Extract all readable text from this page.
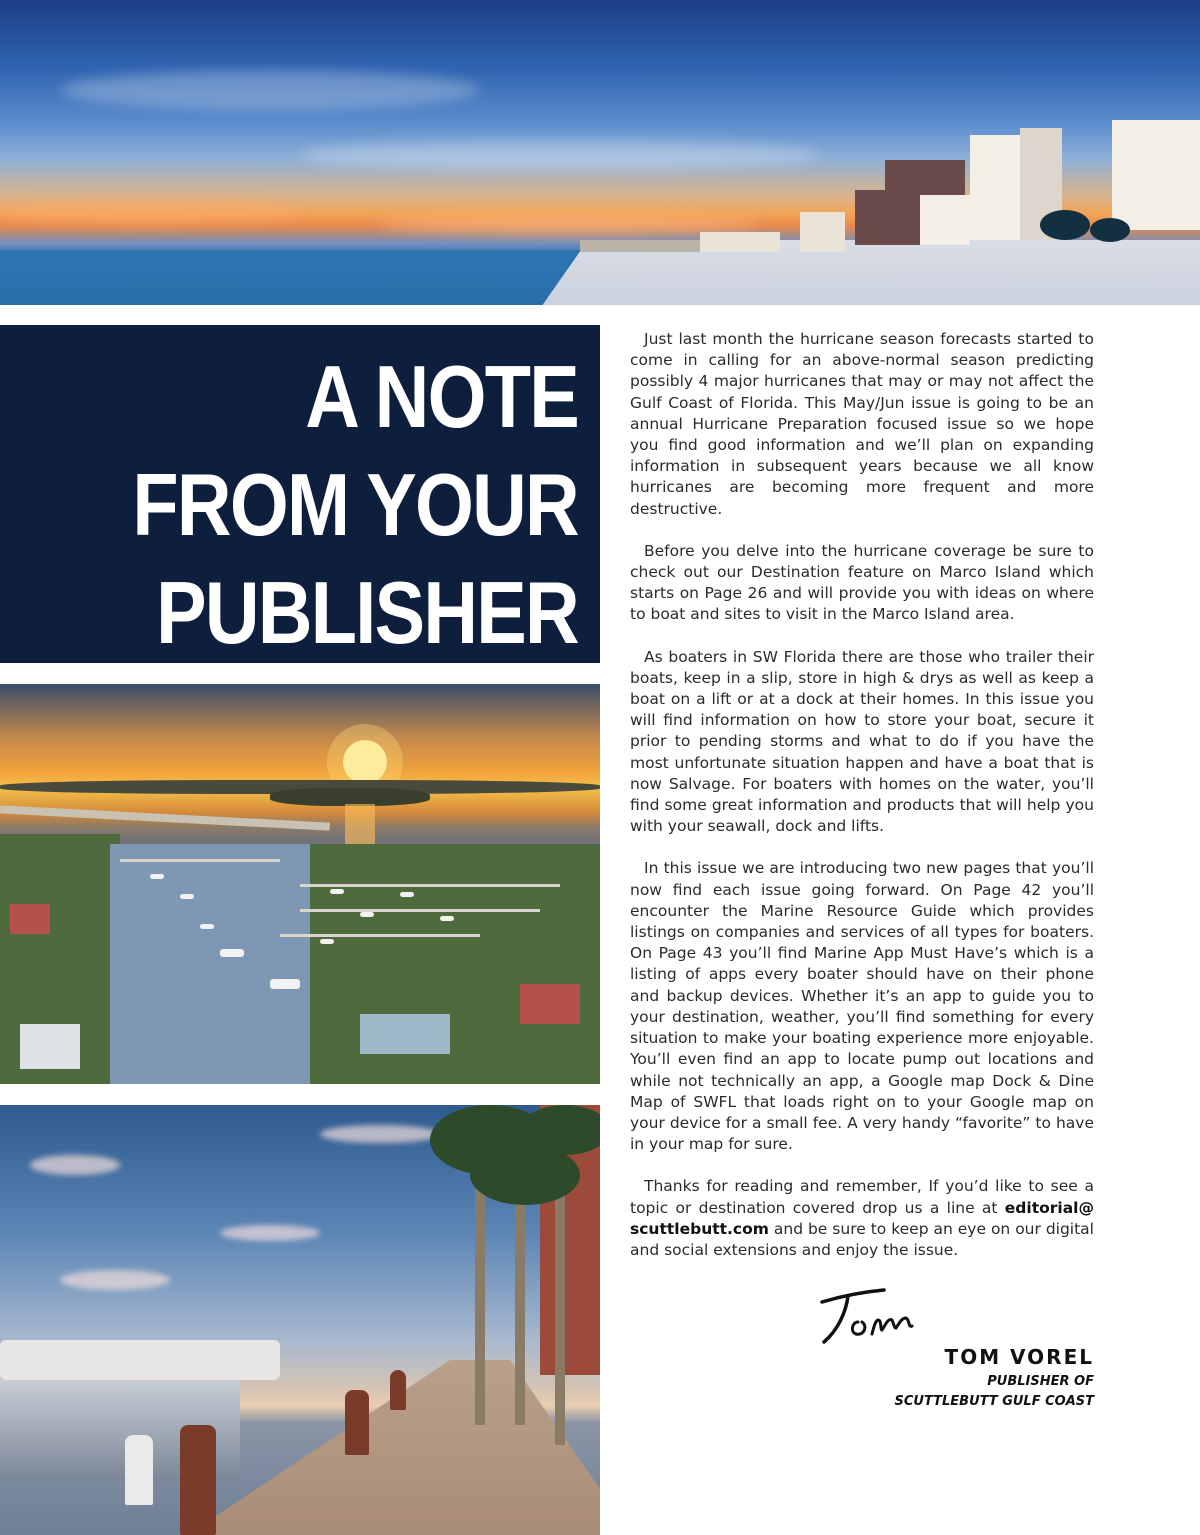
A NOTE
FROM YOUR
PUBLISHER

Just last month the hurricane season forecasts started to come in calling for an above-normal season predicting possibly 4 major hurricanes that may or may not affect the Gulf Coast of Florida. This May/Jun issue is going to be an annual Hurricane Preparation focused issue so we hope you find good information and we’ll plan on expanding information in subsequent years because we all know hurricanes are becoming more frequent and more destructive.

Before you delve into the hurricane coverage be sure to check out our Destination feature on Marco Island which starts on Page 26 and will provide you with ideas on where to boat and sites to visit in the Marco Island area.

As boaters in SW Florida there are those who trailer their boats, keep in a slip, store in high & drys as well as keep a boat on a lift or at a dock at their homes. In this issue you will find information on how to store your boat, secure it prior to pending storms and what to do if you have the most unfortunate situation happen and have a boat that is now Salvage. For boaters with homes on the water, you’ll find some great information and products that will help you with your seawall, dock and lifts.

In this issue we are introducing two new pages that you’ll now find each issue going forward. On Page 42 you’ll encounter the Marine Resource Guide which provides listings on companies and services of all types for boaters. On Page 43 you’ll find Marine App Must Have’s which is a listing of apps every boater should have on their phone and backup devices. Whether it’s an app to guide you to your destination, weather, you’ll find something for every situation to make your boating experience more enjoyable. You’ll even find an app to locate pump out locations and while not technically an app, a Google map Dock & Dine Map of SWFL that loads right on to your Google map on your device for a small fee. A very handy “favorite” to have in your map for sure.

Thanks for reading and remember, If you’d like to see a topic or destination covered drop us a line at editorial@ scuttlebutt.com and be sure to keep an eye on our digital and social extensions and enjoy the issue.

TOM VOREL
PUBLISHER OF
SCUTTLEBUTT GULF COAST
